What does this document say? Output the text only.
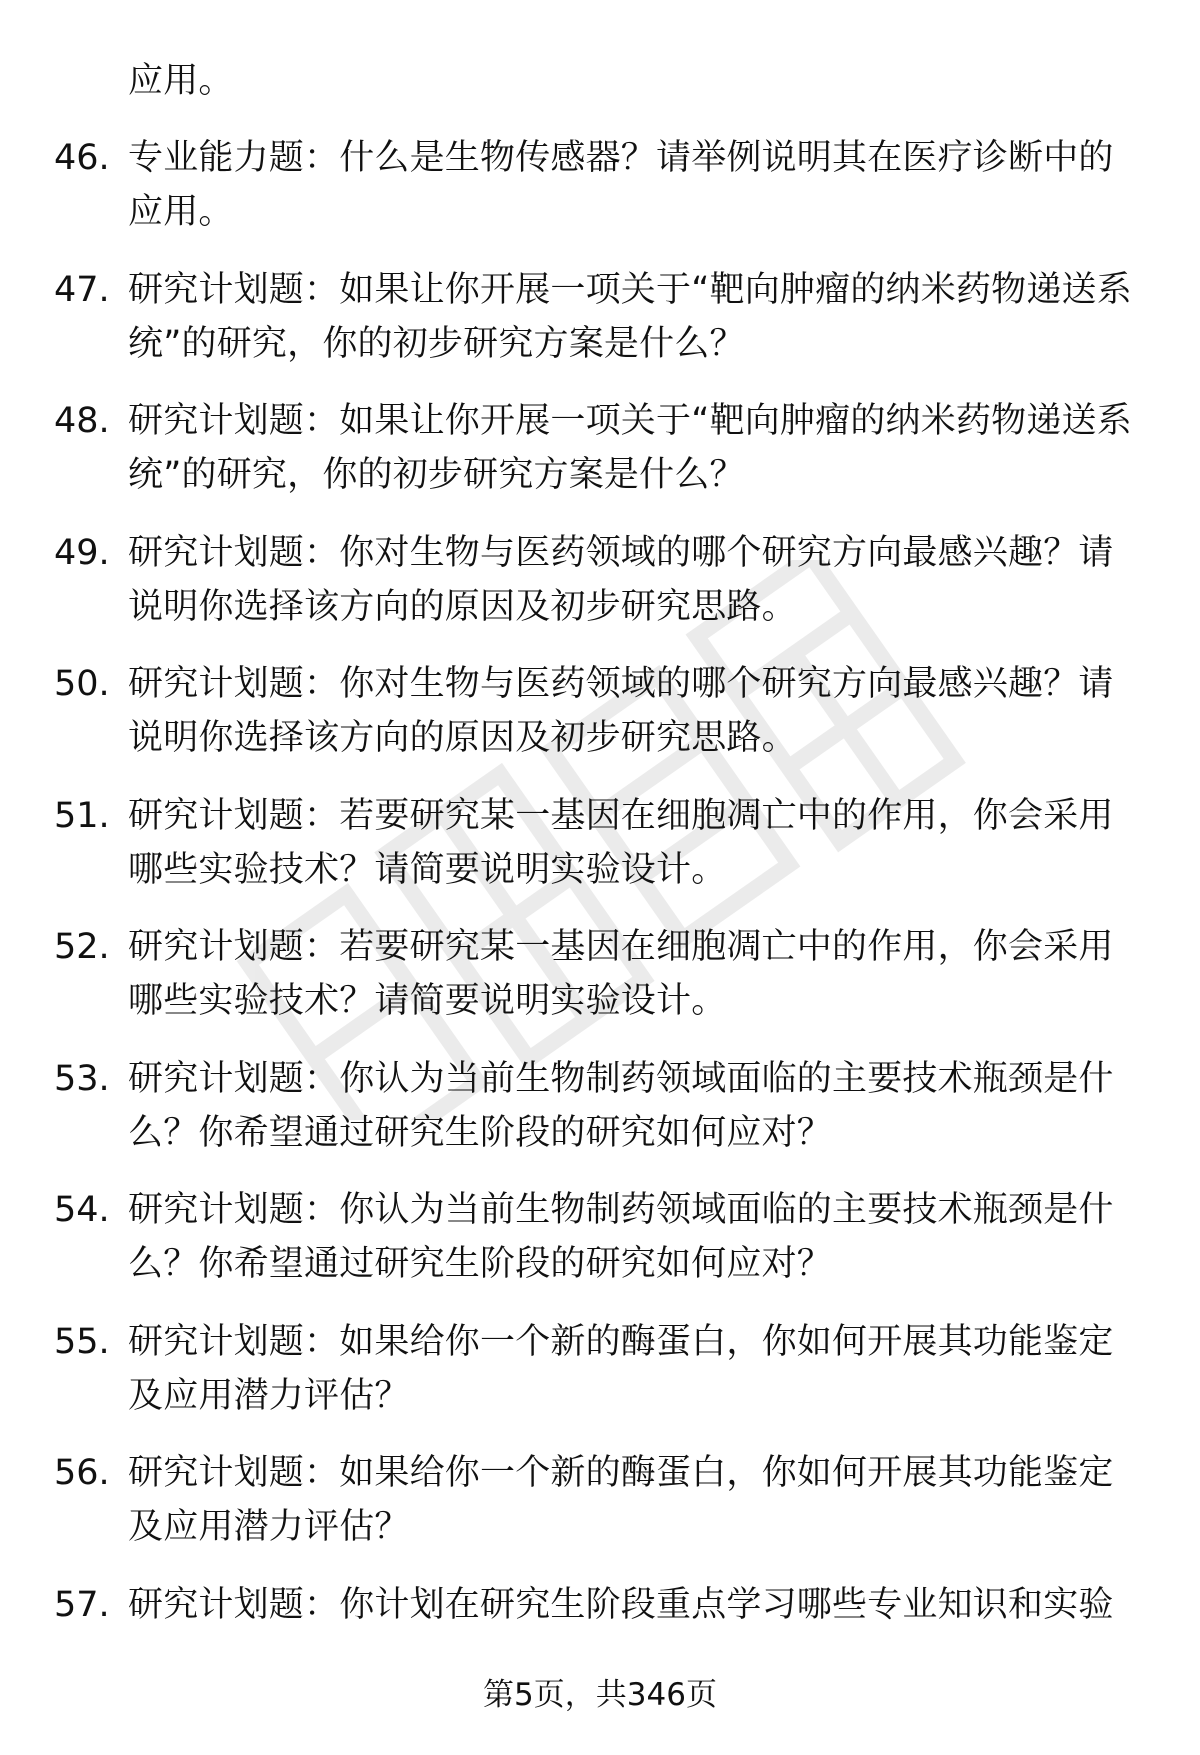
应用。
46. 专业能力题：什么是生物传感器？请举例说明其在医疗诊断中的应用。
47. 研究计划题：如果让你开展一项关于“靶向肿瘤的纳米药物递送系统”的研究，你的初步研究方案是什么？
48. 研究计划题：如果让你开展一项关于“靶向肿瘤的纳米药物递送系统”的研究，你的初步研究方案是什么？
49. 研究计划题：你对生物与医药领域的哪个研究方向最感兴趣？请说明你选择该方向的原因及初步研究思路。
50. 研究计划题：你对生物与医药领域的哪个研究方向最感兴趣？请说明你选择该方向的原因及初步研究思路。
51. 研究计划题：若要研究某一基因在细胞凋亡中的作用，你会采用哪些实验技术？请简要说明实验设计。
52. 研究计划题：若要研究某一基因在细胞凋亡中的作用，你会采用哪些实验技术？请简要说明实验设计。
53. 研究计划题：你认为当前生物制药领域面临的主要技术瓶颈是什么？你希望通过研究生阶段的研究如何应对？
54. 研究计划题：你认为当前生物制药领域面临的主要技术瓶颈是什么？你希望通过研究生阶段的研究如何应对？
55. 研究计划题：如果给你一个新的酶蛋白，你如何开展其功能鉴定及应用潜力评估？
56. 研究计划题：如果给你一个新的酶蛋白，你如何开展其功能鉴定及应用潜力评估？
57. 研究计划题：你计划在研究生阶段重点学习哪些专业知识和实验
第5页，共346页
